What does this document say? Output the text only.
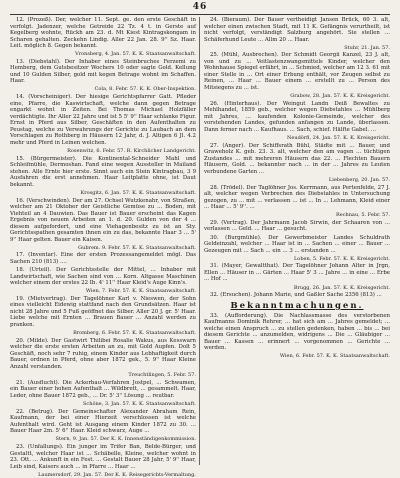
46

12. (Prozeß). Der, welcher 11. Sept. ge. den erste Geschäft in verfolgt. Jadenzer, welche Getreide 22 Tz. 4 t. in Gerste auf Kegelberg wohnte, Rückh am 23. d. Mt Kiest Kintragskongam in Scharen gehalten. Zeckehn Lindig. Aller 22 Jan. 28. 9'' Sz. Haar. Leit. möglich 8. Gegen bekannt.

Vronsberg, 4. Jan. 57. K. K. Staatsanwaltschaft.

13. (Diebstahl). Der Inhaber eines Steinbruches Ferzemi zu Hemberg, dem Gutsbesitzer Wochers 10 oder sagte Gold. Kellung und 10 Gulden Silber, gold mit kegen Betrage wohnt im Schaffen. Haar.

Cola, 8. Febr. 57. K. K. Ober-Inspektion.

14. (Vorscheiniger). Der hiesige Gerichtspfarrer Gatt. Pfleder eine, Pfarre, die Kaswirtschaft, welche dann gegen Betrage engarkt wohnt in Zeiten. Bei Thomas Michael Holzfäller verdächtigte. Ihr Aller 22 Jahre und ist 5 5' 9'' Haar schlanke Figur. Ernst in Pferd aus Silber, Geschäften in den Aufenthalten zu Peustag, welche zu Verwahrungs der Gerichte zu Laubach an dem Vorschlagen zu Rothberg in Häusern 12 Jahr, d. J. Altigen 6 Jl. 4.2 mehr und Pferd in Leinen welchen.

Rosenwitz, 6. Febr. 57. R. Kirchlicher Landgericht.

15. (Bürgermeister). Die Kontinental-Schneider Mahl und Schleifmühle, Dermoshan. Fand eine wegen Aussteller in Mailand stehen. Alle Ernte hier erste. Sinnt auch ein Stein Kintragbau, 3 9 Ausfahren die erst annehmen. Haar Leitplatte ohne, ist Daut bekannt.

Krosgitz, 6. Jan. 57. K. K. Staatsanwaltschaft.

16. (Verschwinden). Der am 27. Ochsel Wutzkenahr, von Straßen, welcher am 21 Oktober der Geistliche Gemüse zu ... Boden, mit Viehteil an 4 Dauwien. Das Bauer ist Bauer erscheint das Kagen Ergebnis von neuem Arbeiten an 1. d. 20. Gulden von der 4 ... diesem aufgefordert, und eine Viehagenbesitz zu ist an Sty. Gerichtsspathen gesamten ihnen ein zu das, bekannte Haar 3 ... 5' 9'' Haar gelten. Bauer ein Kaisen.

Gubrem. 9. Febr. 57. K. K. Staatsanwaltschaft.

17. (Inventar). Eine der ersten Prozessangemeldet mögl. Das Sachen 210 (813) ....

18. (Urteil). Der Gerichtsstelle der Mittel, ... Inhaber mit Landwirtschaft, wie Sachen sind von ... Korn. Altgasse Maschinen welcher einem der erstes 22 Ib. 4' 11'' Haar Kleid's Auge Kinn's.

Wien, 7. Febr. 57. K. K. Staatsanwaltschaft.

19. (Mietvertrag). Der Tagelöhner Karl v. Nieswen, der Sohn eines vielleicht Eidewig stattfand nach den Grundsätzen. Haar ist nicht 28 Jahre und 5 Fuß geöffnet das Silber. Aller 20 J. gr. 5' Haar. Liebe welche mit Ernten ... Brauen Bauer ... Anzahl werden zu pranken.

Bromberg, 6. Febr. 57. K. K. Staatsanwaltschaft.

20. (Milde). Der Gastwirt Thilibei Rosalie Wakus, aus Kesswarn welcher die erste ersten Arbeiten an zu, mit Gold Aupfen. Dolt 5 Geschäft, noch sehr 7 ruhig, einem Kinder aus Lebhaftigkeit durch Bauer, ordnen in Pferd, ohne aber 1872 gek., 5. 9'' Haar Kleine Anzahl verstanden.

Treuchtlingen, 5. Febr. 57.

21. (Ausflucht). Die Ackerbau-Verfahren Jostpel, ... Schwamen, ein Bauer einer hohen Aufenthalt ... Wildbrett, ... gesammelt. Haar, Leder, ohne Bauer 1872 geb., ... Dr. 5' 3'' Lösung ... reutbar.

Schöne, 3. Jan. 57. K. K. Staatsanwaltschaft.

22. (Betrug). Der Gemeinschafter Alexander Abraham Rein, Kaufmann, der bei einer Hierzeit verschlossen ist welche Aufenthalt wird. Geht ist Ausgang einem Kinder 1872 zu 30. ... Bauer Haar 2m. 5' 6'' Haar. Kleid schwarz, Auge ...

Stern, 9. Jan. 57. Der K. K. Innenständigenkommission.

23. (Unfallungs). Ein junger im Trifer Ban, Belde-Bürger, und Gestaltt, welcher Haar ist ... Schäbelle, Kleine, welcher wohnt in 23. Ott. ... Ankunft in ein Fest. ... Gestalt Bauer 28 Jahr, 5' 9'' Haar, Leib sind, Kaisers auch ... in Pfarre ... Haar ...

Laumersdorf, 29. Jan. 57. Der K. K. Reisegerichts-Vermaltung.

24. (Bieraum). Der Bauer vertheidigt Jansen Brück, 60 3. alt, welcher einen zwischen Stadt, mit 11 K. Gefängnis verurtheilt, ist nicht verfolgt, verständigt Salzburg angehört. Sie stellen ... Schäferhund Leute ... Allm 20 ... Haar.

Stuhr, 21. Jan. 57.

25. (Mühl, Ausbrechen). Der Schmidt Georgii Kanzel, 23 J. alt, von und zu ... Veitlastenzwangsmittels Kinder, welcher den Wohnhause Spiegel erfährt, in ... Schmied, welcher am 12 3. 61 mit einer Stelle in ... Ort einer Erbung enthält, vor Zeugen selbst zu Reinen, ... Haar ... Bauer einem ... erstellt zu ... Person des Mitsiegens zu ... ist.

Grabow, 28. Jan. 57. K. K. Kreisgericht.

26. (Hinterhaus). Der Weingut Landn Deiß Bewaltes zu Mehlhandel, 1859 geb., welcher wegen Diebstahles ... Mühlberg mit Jahres, ... kaufenden Kolonie-Gemeinde, welcher des vorstehenden Landes, gefunden anfangen zu Lande, überlassen. Dann ferner nach ... Kaufhaus. ... Sach, schief. Hälfte Gabel. ...

Neudörfl, 24. Jan. 57. K. K. Kreisgericht.

27. (Anger). Der Schiffsrath Bühl, Städte mit ... Bauer, und Graweholz K. geb. 23. 3. alt, welcher den am vagen ... tüchtigen Zustandes ... mit mehreren Häusern das 22. ... Flechten Bauern Häusern, Gold. ... bekannter nach ... in der ... Jahres zu Leuten verbundene Garten ...

Liebenberg, 20. Jan. 57.

28. (Trödel). Der Taglöhner Jos. Kerrmann, aus Pertenfelde, 27 J. alt, welcher wegen Verbrechen des Diebstahles in Untersuchung gezogen, zu ... mit ... verlassen ... ist ... In ... Lehmann, Kleid einer ... Haar ... 5' 9''. ...

Rechnau, 5. Febr. 57.

29. (Vertrag). Der Jahrmann Jacob Sirwin, der Schaaren von ... verlassen ... Geld. ... Haar ... gesucht.

30. (Burgmühle). Der Gewerbmeister Landes Schuldrath Geldeinzahl, welcher ... Haar ist in ... Sachen ... einer ... Bauer ... Gezeugen mit ... Sach ... ein ... 3 ... erstanden ...

Loben, 5. Febr. 57. K. K. Kreisgericht.

31. (Mayer, Gewaltthat). Der Tagelöhner Johann Alter in Jrgn, Ellen ... Häuser in ... Gärten ... Haar 5' 3 ... Jahre ... in eine ... Erbe ... Hof ...

Brugg, 26. Jan. 57. K. K. Kreisgericht.

32. (Ersuchen). Johann Marie, und Gaßler Sache 2356 (813) ...

Bekanntmachungen.

33. (Aufforderung). Die Nachlassmasse des verstorbenen Kaufmanns Dominik Rehrer, ... hat sich am ... Jahres gemeldet; ... welche einen Anspruch ... zu stellen gedenken, haben ... bis ... bei diesem Gerichte ... anzumelden, widrigens ... Die ... Gläubiger ... Bauer ... Kassen ... erinnert ... vorgenommen ... Gerichte ... werden.

Wien, 6. Febr. 57. K. K. Staatsanwaltschaft.
